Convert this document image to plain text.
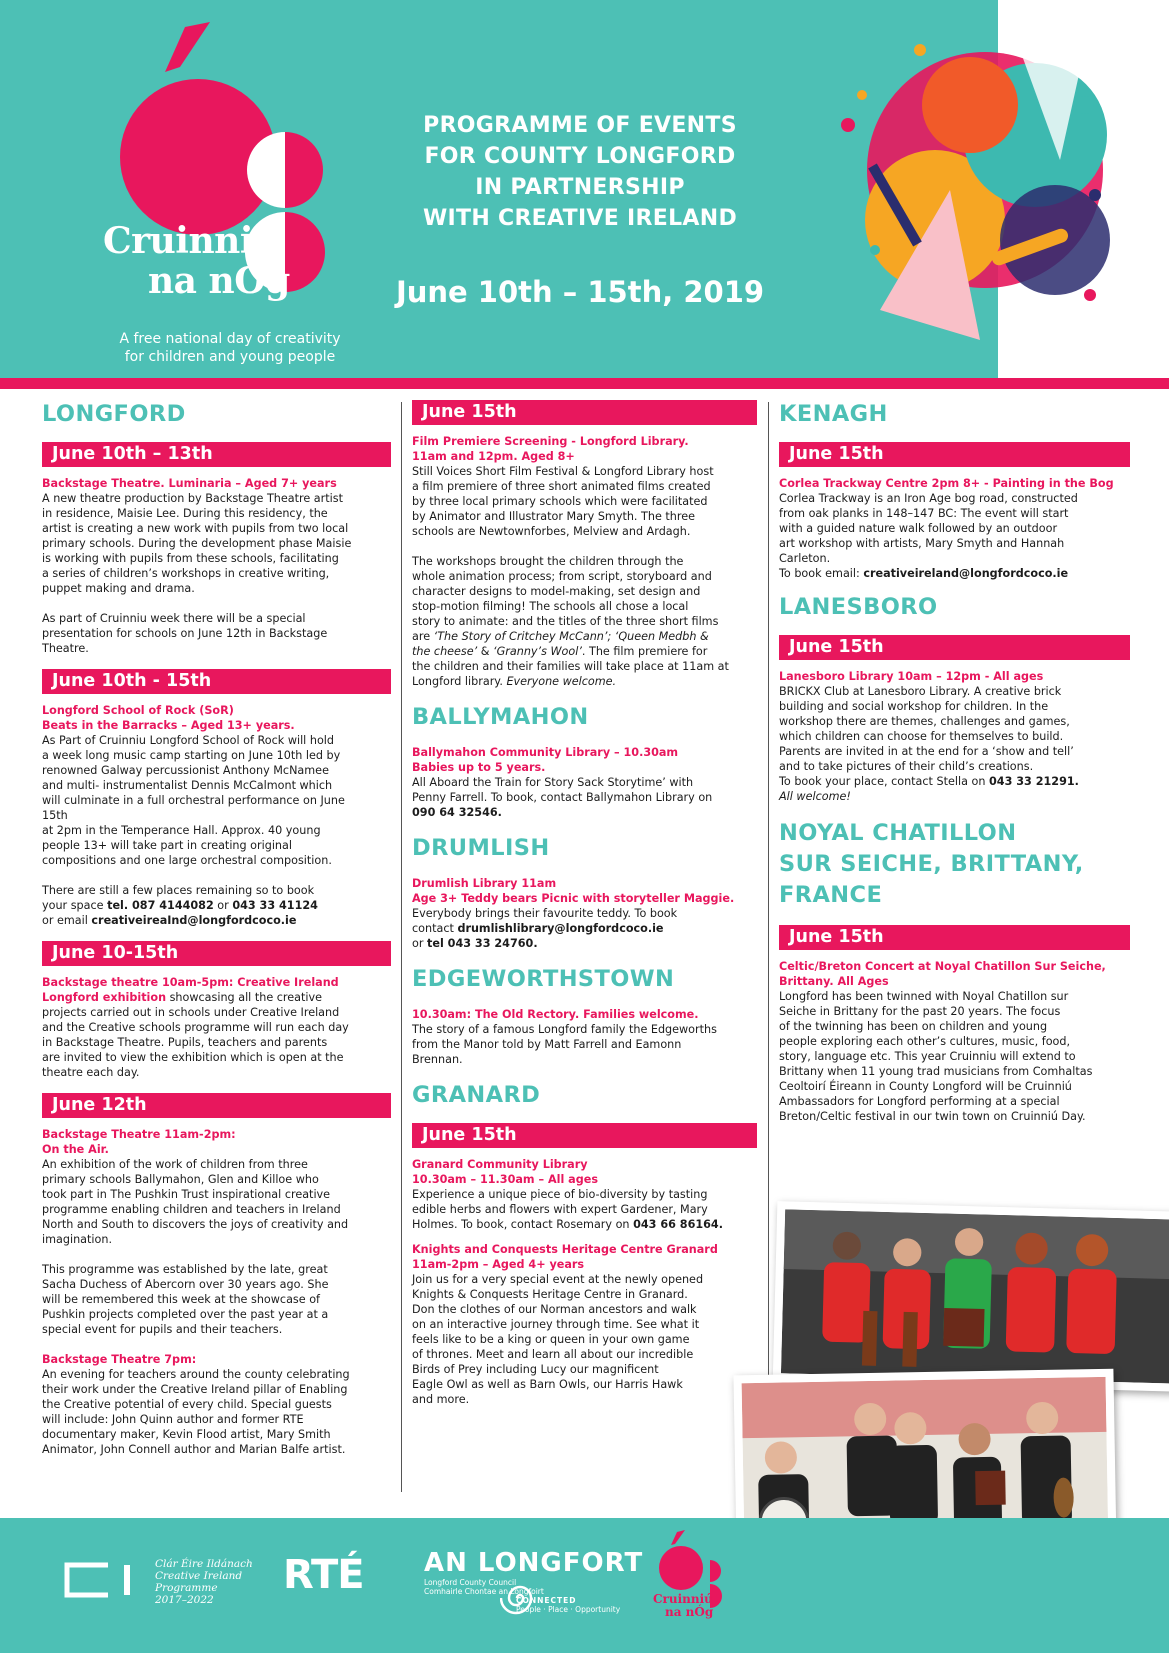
Cruinniú
na nÓg
A free national day of creativity
for children and young people
PROGRAMME OF EVENTS
FOR COUNTY LONGFORD
IN PARTNERSHIP
WITH CREATIVE IRELAND
June 10th – 15th, 2019
LONGFORD
June 10th – 13th
Backstage Theatre. Luminaria – Aged 7+ years
A new theatre production by Backstage Theatre artist
in residence, Maisie Lee. During this residency, the
artist is creating a new work with pupils from two local
primary schools. During the development phase Maisie
is working with pupils from these schools, facilitating
a series of children’s workshops in creative writing,
puppet making and drama.
As part of Cruinniu week there will be a special
presentation for schools on June 12th in Backstage
Theatre.
June 10th - 15th
Longford School of Rock (SoR)
Beats in the Barracks – Aged 13+ years.
As Part of Cruinniu Longford School of Rock will hold
a week long music camp starting on June 10th led by
renowned Galway percussionist Anthony McNamee
and multi- instrumentalist Dennis McCalmont which
will culminate in a full orchestral performance on June
15th
at 2pm in the Temperance Hall. Approx. 40 young
people 13+ will take part in creating original
compositions and one large orchestral composition.
There are still a few places remaining so to book
your space tel. 087 4144082 or 043 33 41124
or email creativeireaInd@longfordcoco.ie
June 10-15th
Backstage theatre 10am-5pm: Creative Ireland
Longford exhibition showcasing all the creative
projects carried out in schools under Creative Ireland
and the Creative schools programme will run each day
in Backstage Theatre. Pupils, teachers and parents
are invited to view the exhibition which is open at the
theatre each day.
June 12th
Backstage Theatre 11am-2pm:
On the Air.
An exhibition of the work of children from three
primary schools Ballymahon, Glen and Killoe who
took part in The Pushkin Trust inspirational creative
programme enabling children and teachers in Ireland
North and South to discovers the joys of creativity and
imagination.
This programme was established by the late, great
Sacha Duchess of Abercorn over 30 years ago. She
will be remembered this week at the showcase of
Pushkin projects completed over the past year at a
special event for pupils and their teachers.
Backstage Theatre 7pm:
An evening for teachers around the county celebrating
their work under the Creative Ireland pillar of Enabling
the Creative potential of every child. Special guests
will include: John Quinn author and former RTE
documentary maker, Kevin Flood artist, Mary Smith
Animator, John Connell author and Marian Balfe artist.
June 15th
Film Premiere Screening - Longford Library.
11am and 12pm. Aged 8+
Still Voices Short Film Festival & Longford Library host
a film premiere of three short animated films created
by three local primary schools which were facilitated
by Animator and Illustrator Mary Smyth. The three
schools are Newtownforbes, Melview and Ardagh.
The workshops brought the children through the
whole animation process; from script, storyboard and
character designs to model-making, set design and
stop-motion filming! The schools all chose a local
story to animate: and the titles of the three short films
are ‘The Story of Critchey McCann’; ‘Queen Medbh &
the cheese’ & ‘Granny’s Wool’. The film premiere for
the children and their families will take place at 11am at
Longford library. Everyone welcome.
BALLYMAHON
Ballymahon Community Library – 10.30am
Babies up to 5 years.
All Aboard the Train for Story Sack Storytime’ with
Penny Farrell. To book, contact Ballymahon Library on
090 64 32546.
DRUMLISH
Drumlish Library 11am
Age 3+ Teddy bears Picnic with storyteller Maggie.
Everybody brings their favourite teddy. To book
contact drumlishlibrary@longfordcoco.ie
or tel 043 33 24760.
EDGEWORTHSTOWN
10.30am: The Old Rectory. Families welcome.
The story of a famous Longford family the Edgeworths
from the Manor told by Matt Farrell and Eamonn
Brennan.
GRANARD
June 15th
Granard Community Library
10.30am – 11.30am – All ages
Experience a unique piece of bio-diversity by tasting
edible herbs and flowers with expert Gardener, Mary
Holmes. To book, contact Rosemary on 043 66 86164.
Knights and Conquests Heritage Centre Granard
11am-2pm – Aged 4+ years
Join us for a very special event at the newly opened
Knights & Conquests Heritage Centre in Granard.
Don the clothes of our Norman ancestors and walk
on an interactive journey through time. See what it
feels like to be a king or queen in your own game
of thrones. Meet and learn all about our incredible
Birds of Prey including Lucy our magnificent
Eagle Owl as well as Barn Owls, our Harris Hawk
and more.
KENAGH
June 15th
Corlea Trackway Centre 2pm 8+ - Painting in the Bog
Corlea Trackway is an Iron Age bog road, constructed
from oak planks in 148–147 BC: The event will start
with a guided nature walk followed by an outdoor
art workshop with artists, Mary Smyth and Hannah
Carleton.
To book email: creativeireland@longfordcoco.ie
LANESBORO
June 15th
Lanesboro Library 10am – 12pm - All ages
BRICKX Club at Lanesboro Library. A creative brick
building and social workshop for children. In the
workshop there are themes, challenges and games,
which children can choose for themselves to build.
Parents are invited in at the end for a ‘show and tell’
and to take pictures of their child’s creations.
To book your place, contact Stella on 043 33 21291.
All welcome!
NOYAL CHATILLON
SUR SEICHE, BRITTANY,
FRANCE
June 15th
Celtic/Breton Concert at Noyal Chatillon Sur Seiche,
Brittany. All Ages
Longford has been twinned with Noyal Chatillon sur
Seiche in Brittany for the past 20 years. The focus
of the twinning has been on children and young
people exploring each other’s cultures, music, food,
story, language etc. This year Cruinniu will extend to
Brittany when 11 young trad musicians from Comhaltas
Ceoltoirí Éireann in County Longford will be Cruinniú
Ambassadors for Longford performing at a special
Breton/Celtic festival in our twin town on Cruinniú Day.
Clár Éire Ildánach
Creative Ireland
Programme
2017–2022
RTÉ AN LONGFORT
Longford County Council
Comhairle Chontae an Longfoirt
CONNECTED
People · Place · Opportunity
Cruinniú
na nÓg
